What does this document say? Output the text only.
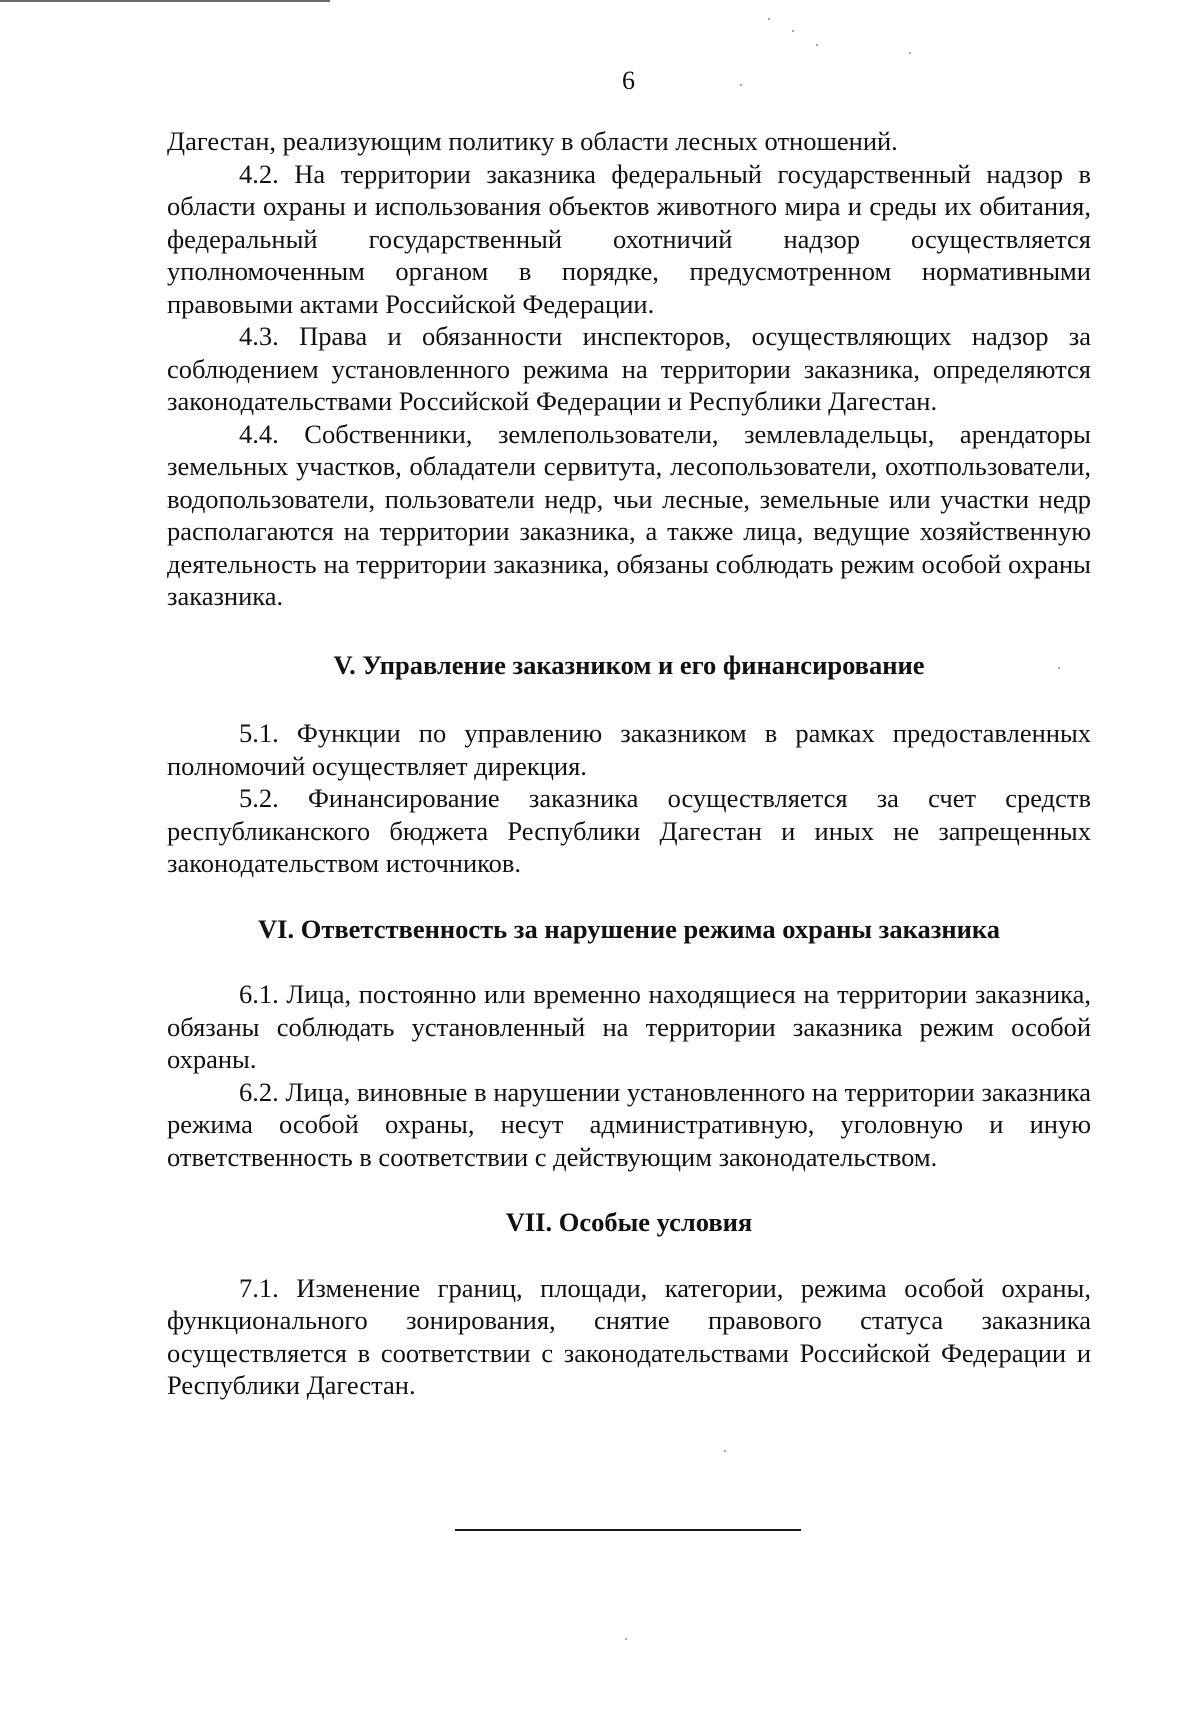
6

Дагестан, реализующим политику в области лесных отношений.

4.2. На территории заказника федеральный государственный надзор в области охраны и использования объектов животного мира и среды их обитания, федеральный государственный охотничий надзор осуществляется уполномоченным органом в порядке, предусмотренном нормативными правовыми актами Российской Федерации.

4.3. Права и обязанности инспекторов, осуществляющих надзор за соблюдением установленного режима на территории заказника, определяются законодательствами Российской Федерации и Республики Дагестан.

4.4. Собственники, землепользователи, землевладельцы, арендаторы земельных участков, обладатели сервитута, лесопользователи, охотпользователи, водопользователи, пользователи недр, чьи лесные, земельные или участки недр располагаются на территории заказника, а также лица, ведущие хозяйственную деятельность на территории заказника, обязаны соблюдать режим особой охраны заказника.

V. Управление заказником и его финансирование

5.1. Функции по управлению заказником в рамках предоставленных полномочий осуществляет дирекция.

5.2. Финансирование заказника осуществляется за счет средств республиканского бюджета Республики Дагестан и иных не запрещенных законодательством источников.

VI. Ответственность за нарушение режима охраны заказника

6.1. Лица, постоянно или временно находящиеся на территории заказника, обязаны соблюдать установленный на территории заказника режим особой охраны.

6.2. Лица, виновные в нарушении установленного на территории заказника режима особой охраны, несут административную, уголовную и иную ответственность в соответствии с действующим законодательством.

VII. Особые условия

7.1. Изменение границ, площади, категории, режима особой охраны, функционального зонирования, снятие правового статуса заказника осуществляется в соответствии с законодательствами Российской Федерации и Республики Дагестан.
